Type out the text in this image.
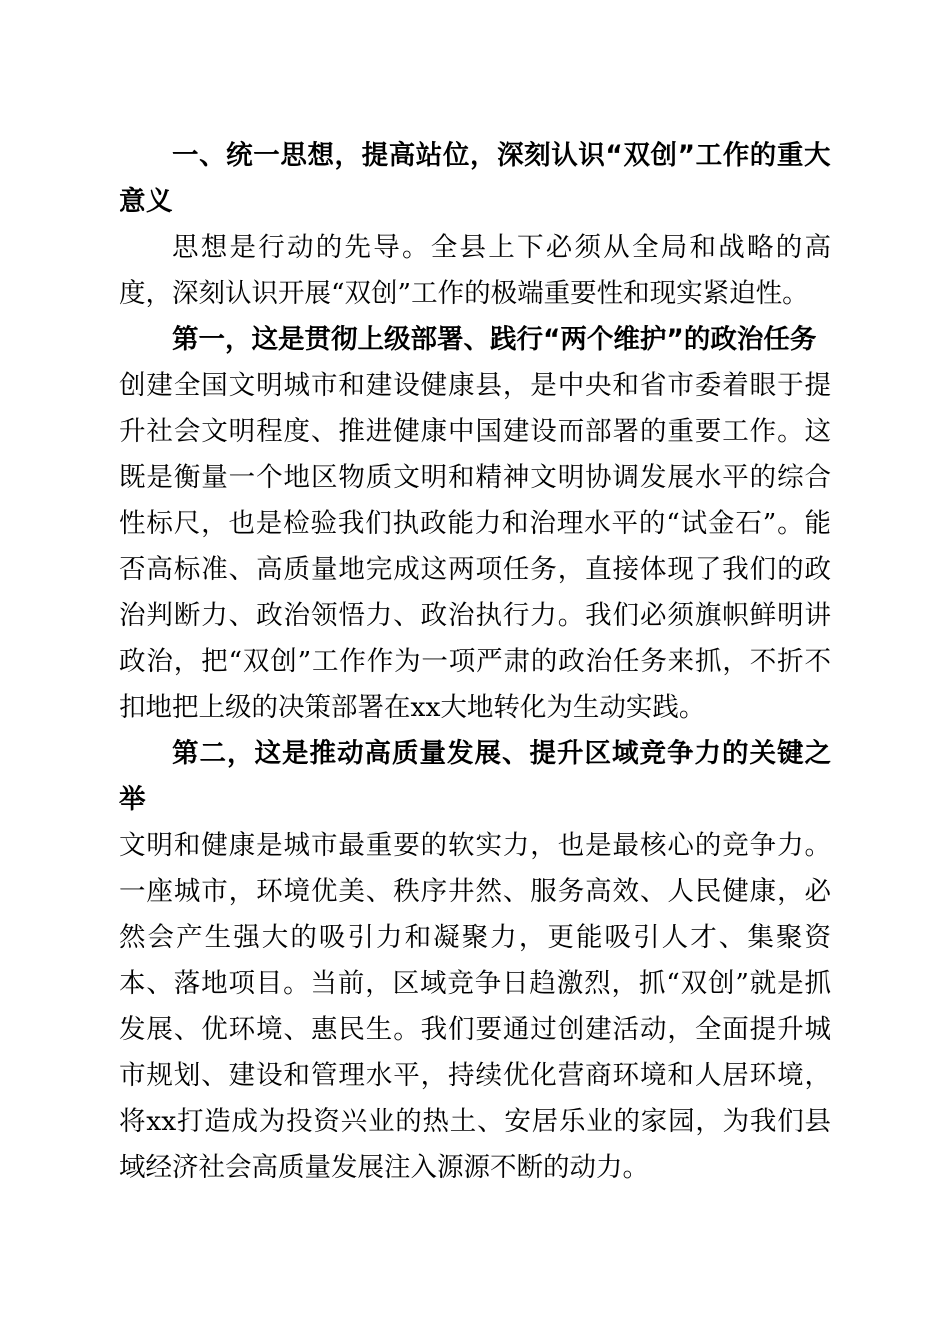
一、统一思想，提高站位，深刻认识“双创”工作的重大意义

思想是行动的先导。全县上下必须从全局和战略的高度，深刻认识开展“双创”工作的极端重要性和现实紧迫性。

第一，这是贯彻上级部署、践行“两个维护”的政治任务

创建全国文明城市和建设健康县，是中央和省市委着眼于提升社会文明程度、推进健康中国建设而部署的重要工作。这既是衡量一个地区物质文明和精神文明协调发展水平的综合性标尺，也是检验我们执政能力和治理水平的“试金石”。能否高标准、高质量地完成这两项任务，直接体现了我们的政治判断力、政治领悟力、政治执行力。我们必须旗帜鲜明讲政治，把“双创”工作作为一项严肃的政治任务来抓，不折不扣地把上级的决策部署在xx大地转化为生动实践。

第二，这是推动高质量发展、提升区域竞争力的关键之举

文明和健康是城市最重要的软实力，也是最核心的竞争力。一座城市，环境优美、秩序井然、服务高效、人民健康，必然会产生强大的吸引力和凝聚力，更能吸引人才、集聚资本、落地项目。当前，区域竞争日趋激烈，抓“双创”就是抓发展、优环境、惠民生。我们要通过创建活动，全面提升城市规划、建设和管理水平，持续优化营商环境和人居环境，将xx打造成为投资兴业的热土、安居乐业的家园，为我们县域经济社会高质量发展注入源源不断的动力。
